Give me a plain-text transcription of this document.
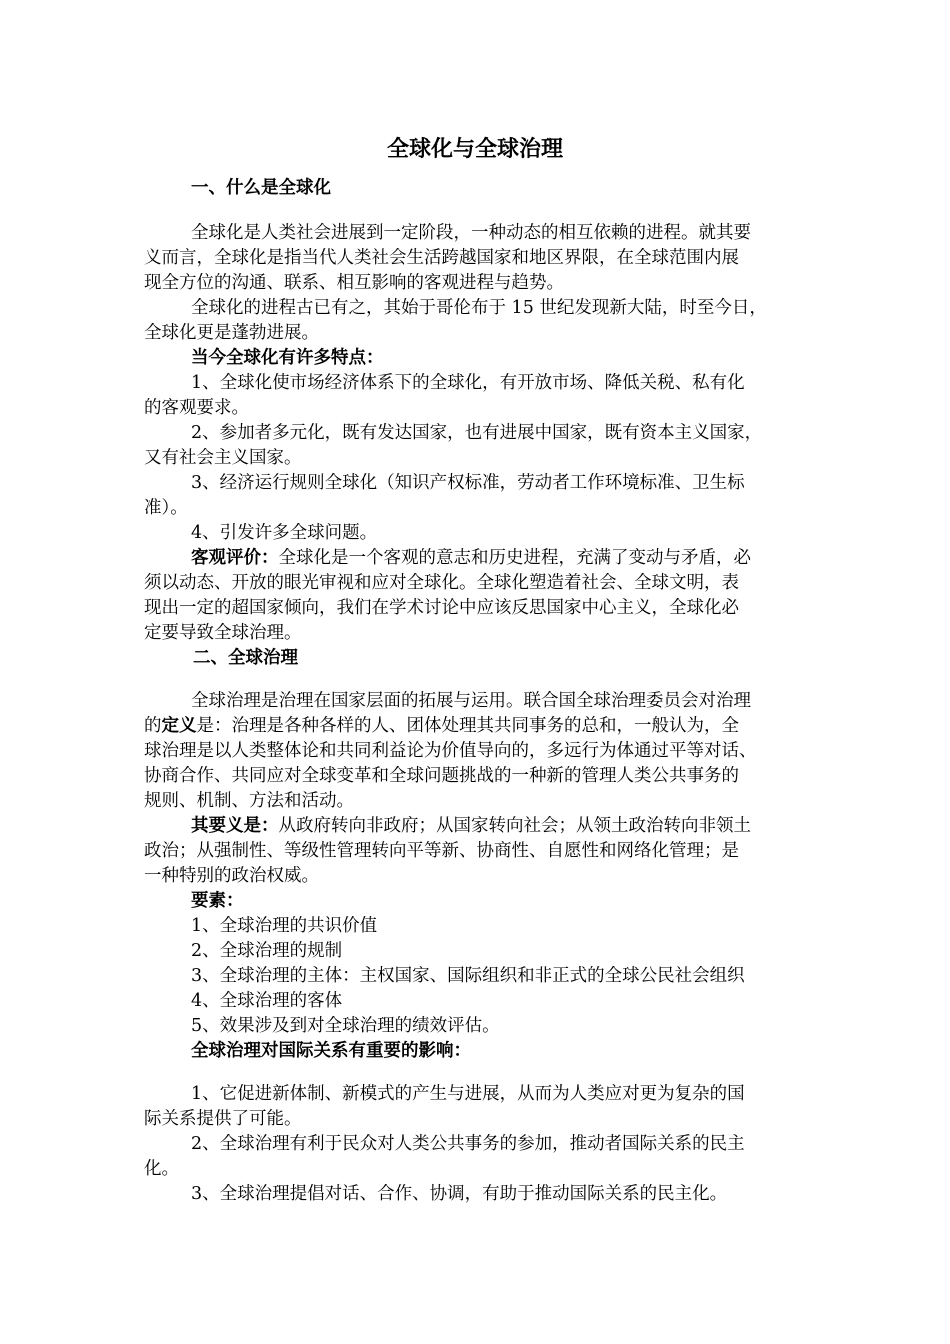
全球化与全球治理
一、什么是全球化
全球化是人类社会进展到一定阶段，一种动态的相互依赖的进程。就其要
义而言，全球化是指当代人类社会生活跨越国家和地区界限，在全球范围内展
现全方位的沟通、联系、相互影响的客观进程与趋势。
全球化的进程古已有之，其始于哥伦布于 15 世纪发现新大陆，时至今日，
全球化更是蓬勃进展。
当今全球化有许多特点：
1、全球化使市场经济体系下的全球化，有开放市场、降低关税、私有化
的客观要求。
2、参加者多元化，既有发达国家，也有进展中国家，既有资本主义国家，
又有社会主义国家。
3、经济运行规则全球化（知识产权标准，劳动者工作环境标准、卫生标
准）。
4、引发许多全球问题。
客观评价：全球化是一个客观的意志和历史进程，充满了变动与矛盾，必
须以动态、开放的眼光审视和应对全球化。全球化塑造着社会、全球文明，表
现出一定的超国家倾向，我们在学术讨论中应该反思国家中心主义，全球化必
定要导致全球治理。
二、全球治理
全球治理是治理在国家层面的拓展与运用。联合国全球治理委员会对治理
的定义是：治理是各种各样的人、团体处理其共同事务的总和，一般认为，全
球治理是以人类整体论和共同利益论为价值导向的，多远行为体通过平等对话、
协商合作、共同应对全球变革和全球问题挑战的一种新的管理人类公共事务的
规则、机制、方法和活动。
其要义是：从政府转向非政府；从国家转向社会；从领土政治转向非领土
政治；从强制性、等级性管理转向平等新、协商性、自愿性和网络化管理；是
一种特别的政治权威。
要素：
1、全球治理的共识价值
2、全球治理的规制
3、全球治理的主体：主权国家、国际组织和非正式的全球公民社会组织
4、全球治理的客体
5、效果涉及到对全球治理的绩效评估。
全球治理对国际关系有重要的影响：
1、它促进新体制、新模式的产生与进展，从而为人类应对更为复杂的国
际关系提供了可能。
2、全球治理有利于民众对人类公共事务的参加，推动者国际关系的民主
化。
3、全球治理提倡对话、合作、协调，有助于推动国际关系的民主化。
